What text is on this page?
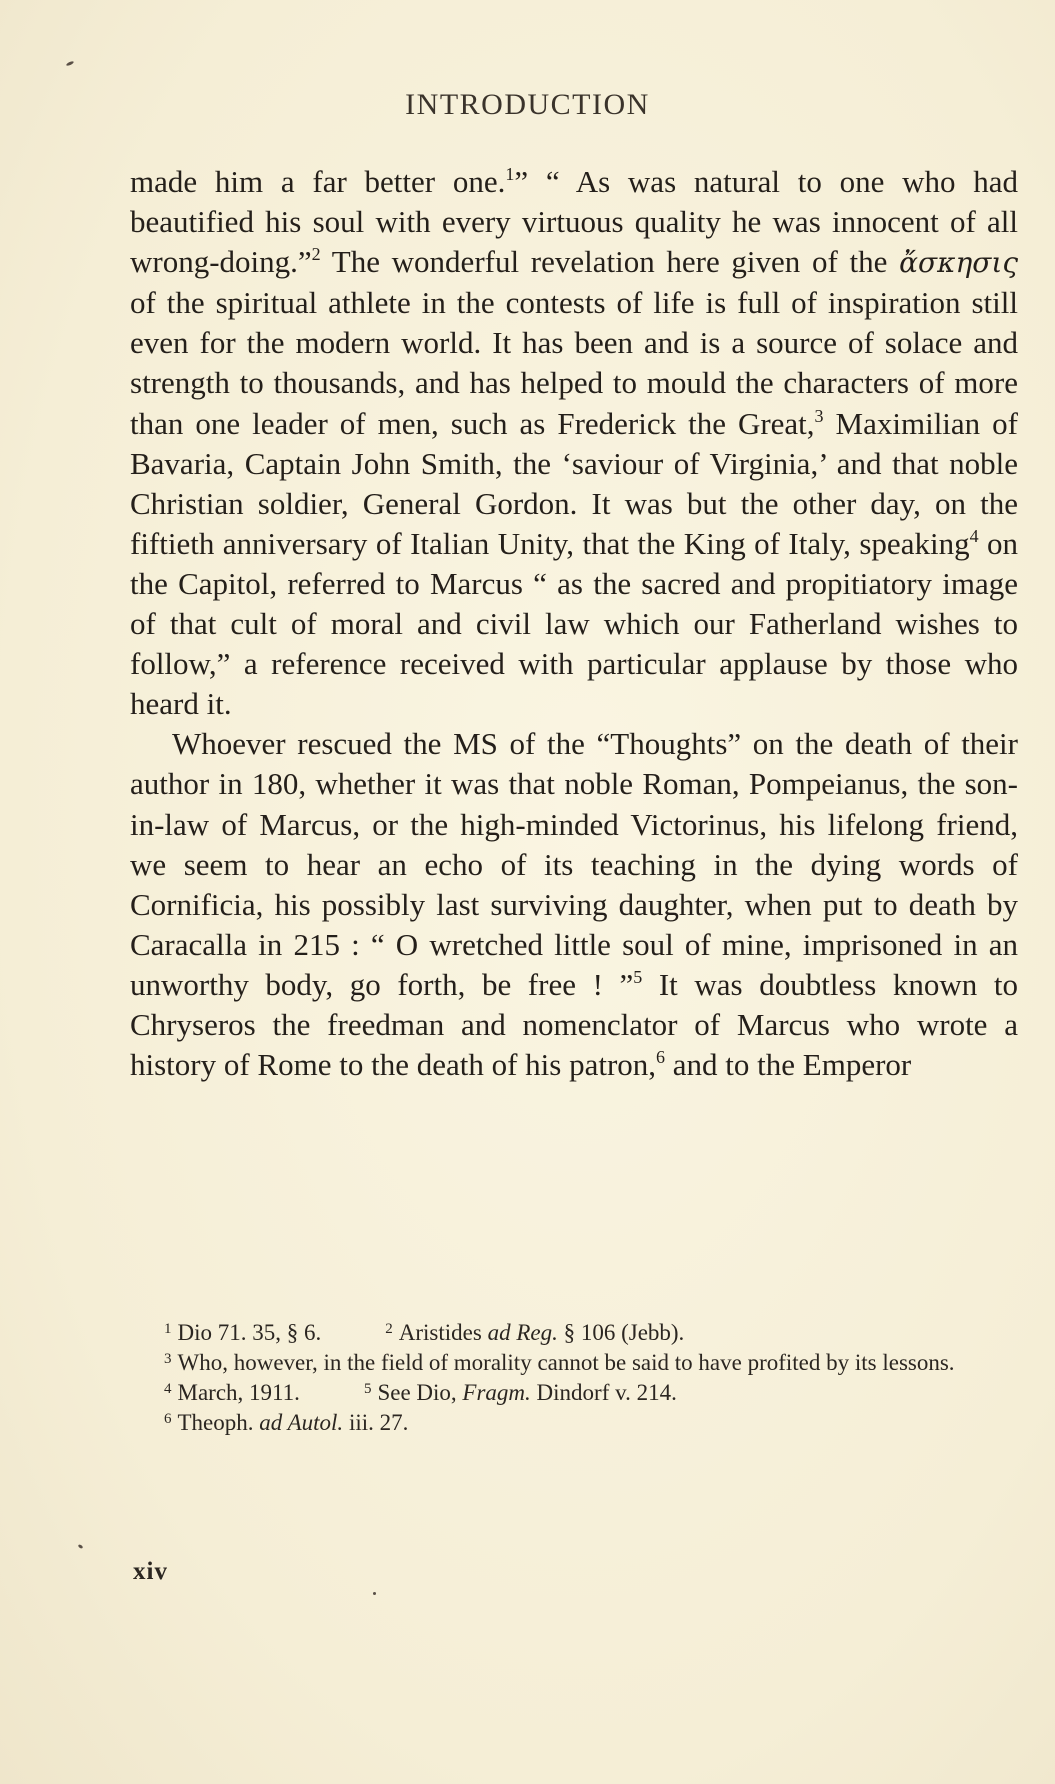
INTRODUCTION

made him a far better one.$^1$” “ As was natural to one who had beautified his soul with every virtuous quality he was innocent of all wrong-doing.”$^2$ The wonderful revelation here given of the ἄσκησις of the spiritual athlete in the contests of life is full of inspiration still even for the modern world. It has been and is a source of solace and strength to thousands, and has helped to mould the characters of more than one leader of men, such as Frederick the Great,$^3$ Maximilian of Bavaria, Captain John Smith, the ‘saviour of Virginia,’ and that noble Christian soldier, General Gordon. It was but the other day, on the fiftieth anniversary of Italian Unity, that the King of Italy, speaking$^4$ on the Capitol, referred to Marcus “ as the sacred and propitiatory image of that cult of moral and civil law which our Fatherland wishes to follow,” a reference received with particular applause by those who heard it.

Whoever rescued the MS of the “Thoughts” on the death of their author in 180, whether it was that noble Roman, Pompeianus, the son-in-law of Marcus, or the high-minded Victorinus, his lifelong friend, we seem to hear an echo of its teaching in the dying words of Cornificia, his possibly last surviving daughter, when put to death by Caracalla in 215 : “ O wretched little soul of mine, imprisoned in an unworthy body, go forth, be free ! ”$^5$ It was doubtless known to Chryseros the freedman and nomenclator of Marcus who wrote a history of Rome to the death of his patron,$^6$ and to the Emperor

$^1$ Dio 71. 35, § 6.	$^2$ Aristides ad Reg. § 106 (Jebb).

$^3$ Who, however, in the field of morality cannot be said to have profited by its lessons.

$^4$ March, 1911.	$^5$ See Dio, Fragm. Dindorf v. 214.
$^6$ Theoph. ad Autol. iii. 27.
xiv
